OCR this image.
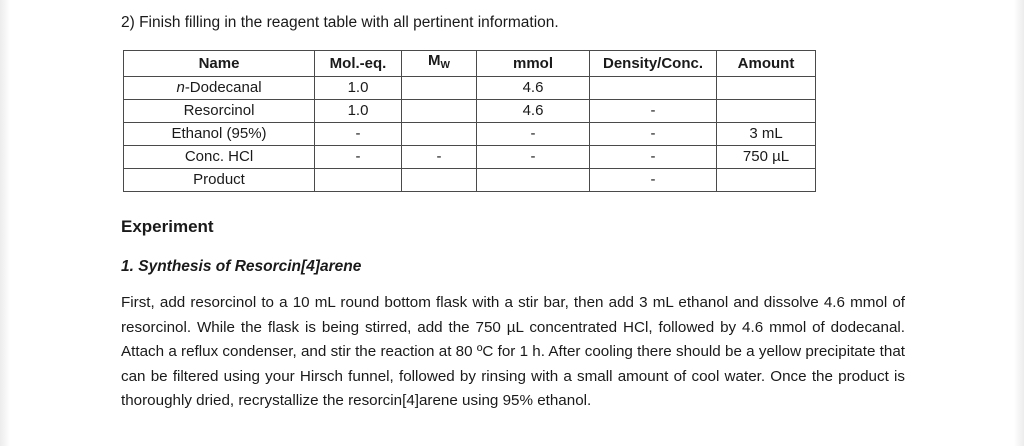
2) Finish filling in the reagent table with all pertinent information.
Name	Mol.-eq.	$M_W$	mmol	Density/Conc.	Amount
n-Dodecanal	1.0		4.6		
Resorcinol	1.0		4.6	-	
Ethanol (95%)	-		-	-	3 mL
Conc. HCl	-	-	-	-	750 µL
Product				-	
Experiment
1. Synthesis of Resorcin[4]arene
First, add resorcinol to a 10 mL round bottom flask with a stir bar, then add 3 mL ethanol and dissolve 4.6 mmol of resorcinol. While the flask is being stirred, add the 750 µL concentrated HCl, followed by 4.6 mmol of dodecanal. Attach a reflux condenser, and stir the reaction at 80 ºC for 1 h. After cooling there should be a yellow precipitate that can be filtered using your Hirsch funnel, followed by rinsing with a small amount of cool water. Once the product is thoroughly dried, recrystallize the resorcin[4]arene using 95% ethanol.
